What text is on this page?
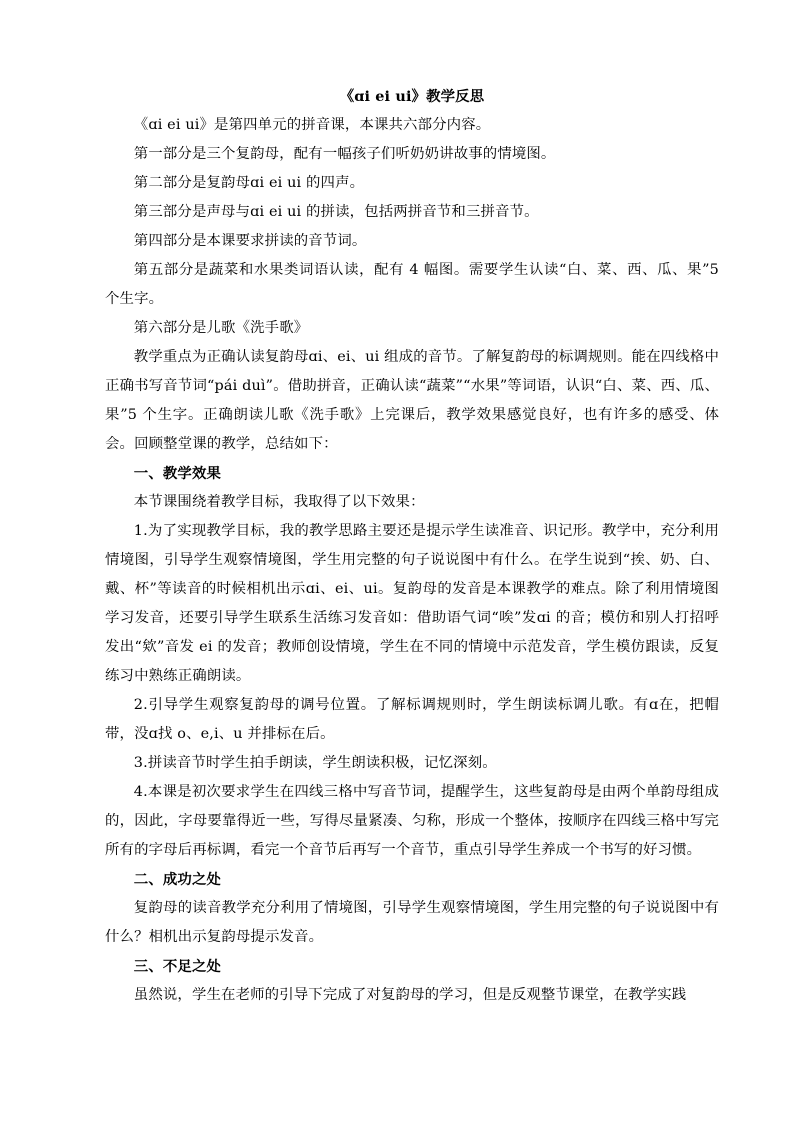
《ɑi ei ui》教学反思

《ɑi ei ui》是第四单元的拼音课，本课共六部分内容。

第一部分是三个复韵母，配有一幅孩子们听奶奶讲故事的情境图。

第二部分是复韵母ɑi ei ui 的四声。

第三部分是声母与ɑi ei ui 的拼读，包括两拼音节和三拼音节。

第四部分是本课要求拼读的音节词。

第五部分是蔬菜和水果类词语认读，配有 4 幅图。需要学生认读“白、菜、西、瓜、果”5 个生字。

第六部分是儿歌《洗手歌》

教学重点为正确认读复韵母ɑi、ei、ui 组成的音节。了解复韵母的标调规则。能在四线格中正确书写音节词“pái duì”。借助拼音，正确认读“蔬菜”“水果”等词语，认识“白、菜、西、瓜、果”5 个生字。正确朗读儿歌《洗手歌》上完课后，教学效果感觉良好，也有许多的感受、体会。回顾整堂课的教学，总结如下：

一、教学效果

本节课围绕着教学目标，我取得了以下效果：

1.为了实现教学目标，我的教学思路主要还是提示学生读准音、识记形。教学中，充分利用情境图，引导学生观察情境图，学生用完整的句子说说图中有什么。在学生说到“挨、奶、白、戴、杯”等读音的时候相机出示ɑi、ei、ui。复韵母的发音是本课教学的难点。除了利用情境图学习发音，还要引导学生联系生活练习发音如：借助语气词“唉”发ɑi 的音；模仿和别人打招呼发出“欸”音发 ei 的发音；教师创设情境，学生在不同的情境中示范发音，学生模仿跟读，反复练习中熟练正确朗读。

2.引导学生观察复韵母的调号位置。了解标调规则时，学生朗读标调儿歌。有ɑ在，把帽带，没ɑ找 o、e,i、u 并排标在后。

3.拼读音节时学生拍手朗读，学生朗读积极，记忆深刻。

4.本课是初次要求学生在四线三格中写音节词，提醒学生，这些复韵母是由两个单韵母组成的，因此，字母要靠得近一些，写得尽量紧凑、匀称，形成一个整体，按顺序在四线三格中写完所有的字母后再标调，看完一个音节后再写一个音节，重点引导学生养成一个书写的好习惯。

二、成功之处

复韵母的读音教学充分利用了情境图，引导学生观察情境图，学生用完整的句子说说图中有什么？相机出示复韵母提示发音。

三、不足之处

虽然说，学生在老师的引导下完成了对复韵母的学习，但是反观整节课堂，在教学实践
